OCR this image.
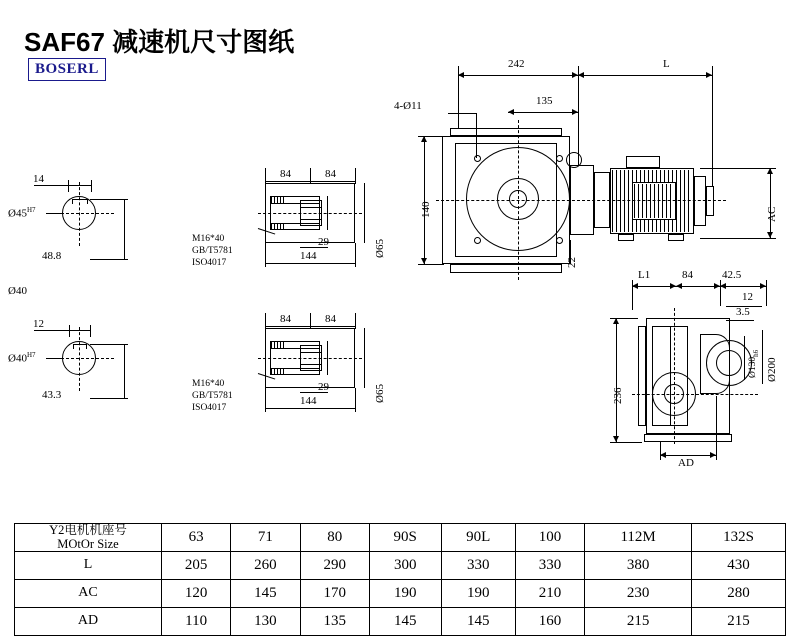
SAF67 减速机尺寸图纸
BOSERL
14
$Ø45^{H7}$
48.8
Ø40
12
$Ø40^{H7}$
43.3
84	84
29
144	Ø65
M16*40
GB/T5781
ISO4017
84	84
29
144	Ø65
M16*40
GB/T5781
ISO4017
242	L
135
4-Ø11
140
22
AC
L1	84	42.5
12
3.5
236
$Ø130_{h6}$
Ø200
AD
Y2电机机座号
MOtOr Size	63	71	80	90S	90L	100	112M	132S
L	205	260	290	300	330	330	380	430
AC	120	145	170	190	190	210	230	280
AD	110	130	135	145	145	160	215	215
